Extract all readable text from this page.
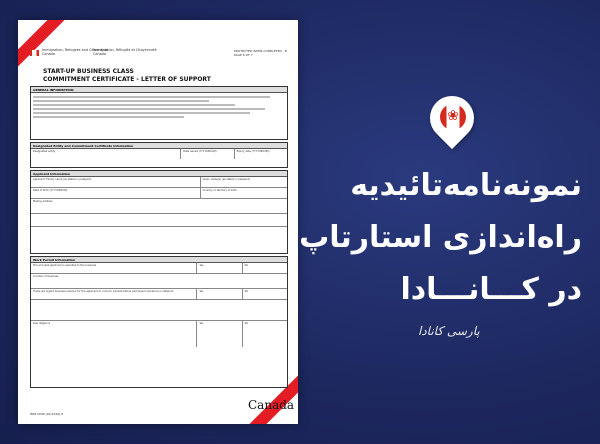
Immigration, Refugees and Citizenship Canada
Immigration, Réfugiés et Citoyenneté Canada
PROTECTED WHEN COMPLETED - B
PAGE 6 OF 7
START-UP BUSINESS CLASS
COMMITMENT CERTIFICATE - LETTER OF SUPPORT
GENERAL INFORMATION
Designated Entity and Commitment Certificate Information
Designated entity	Date issued (YYYY-MM-DD)	Expiry date (YYYY-MM-DD)
Applicant Information
Applicant: Family name (as stated in passport)	Given name(s) (as stated in passport)
Date of birth (YYYY-MM-DD)	Country or territory of birth
Mailing address
Work Permit Information
The principal applicant is essential to the business	Yes	No
Location of business
There are urgent business reasons for the applicant to come to Canada before permanent residence is obtained	Yes	No
Due diligence	Yes	No
IMM 0096 (09-2016) E
Canada
❀
نمونه‌نامه‌تائیدیه
راه‌اندازی استارتاپ
در کـــانـــادا
پارسی کانادا
